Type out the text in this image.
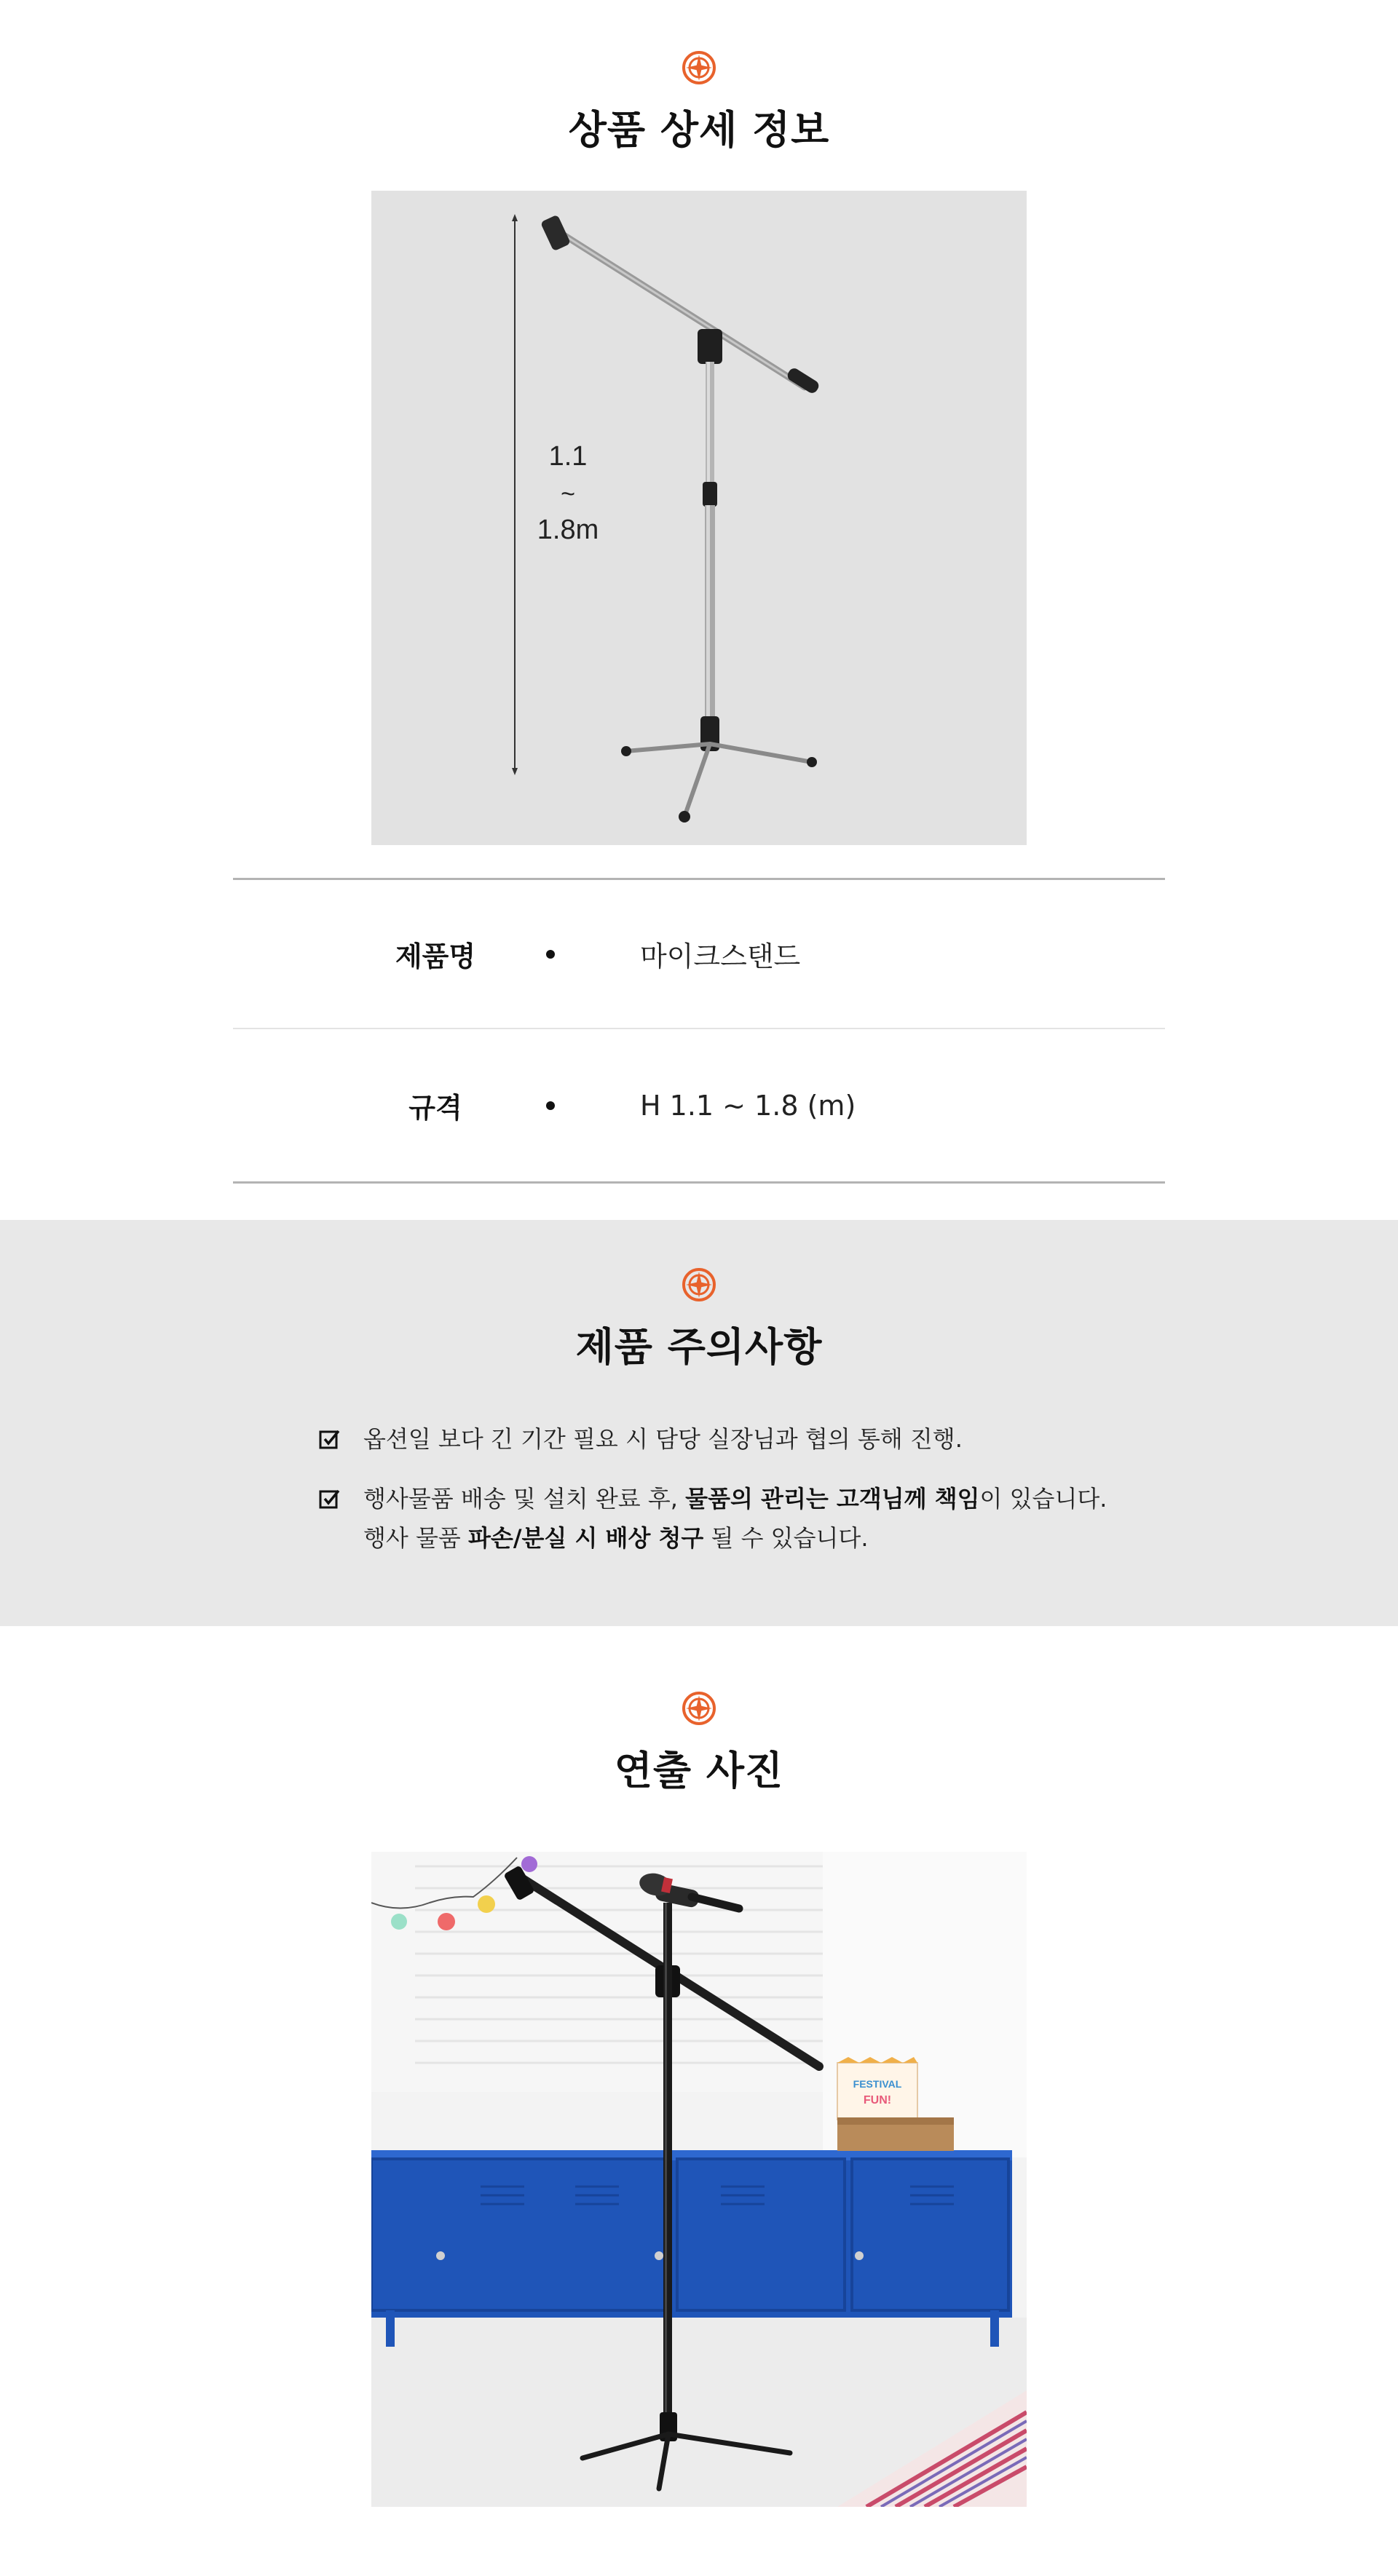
상품 상세 정보
1.1
~
1.8m
제품명	마이크스탠드
규격	H 1.1 ~ 1.8 (m)
제품 주의사항
옵션일 보다 긴 기간 필요 시 담당 실장님과 협의 통해 진행.
행사물품 배송 및 설치 완료 후, 물품의 관리는 고객님께 책임이 있습니다.
행사 물품 파손/분실 시 배상 청구 될 수 있습니다.
연출 사진
FESTIVAL
FUN!
